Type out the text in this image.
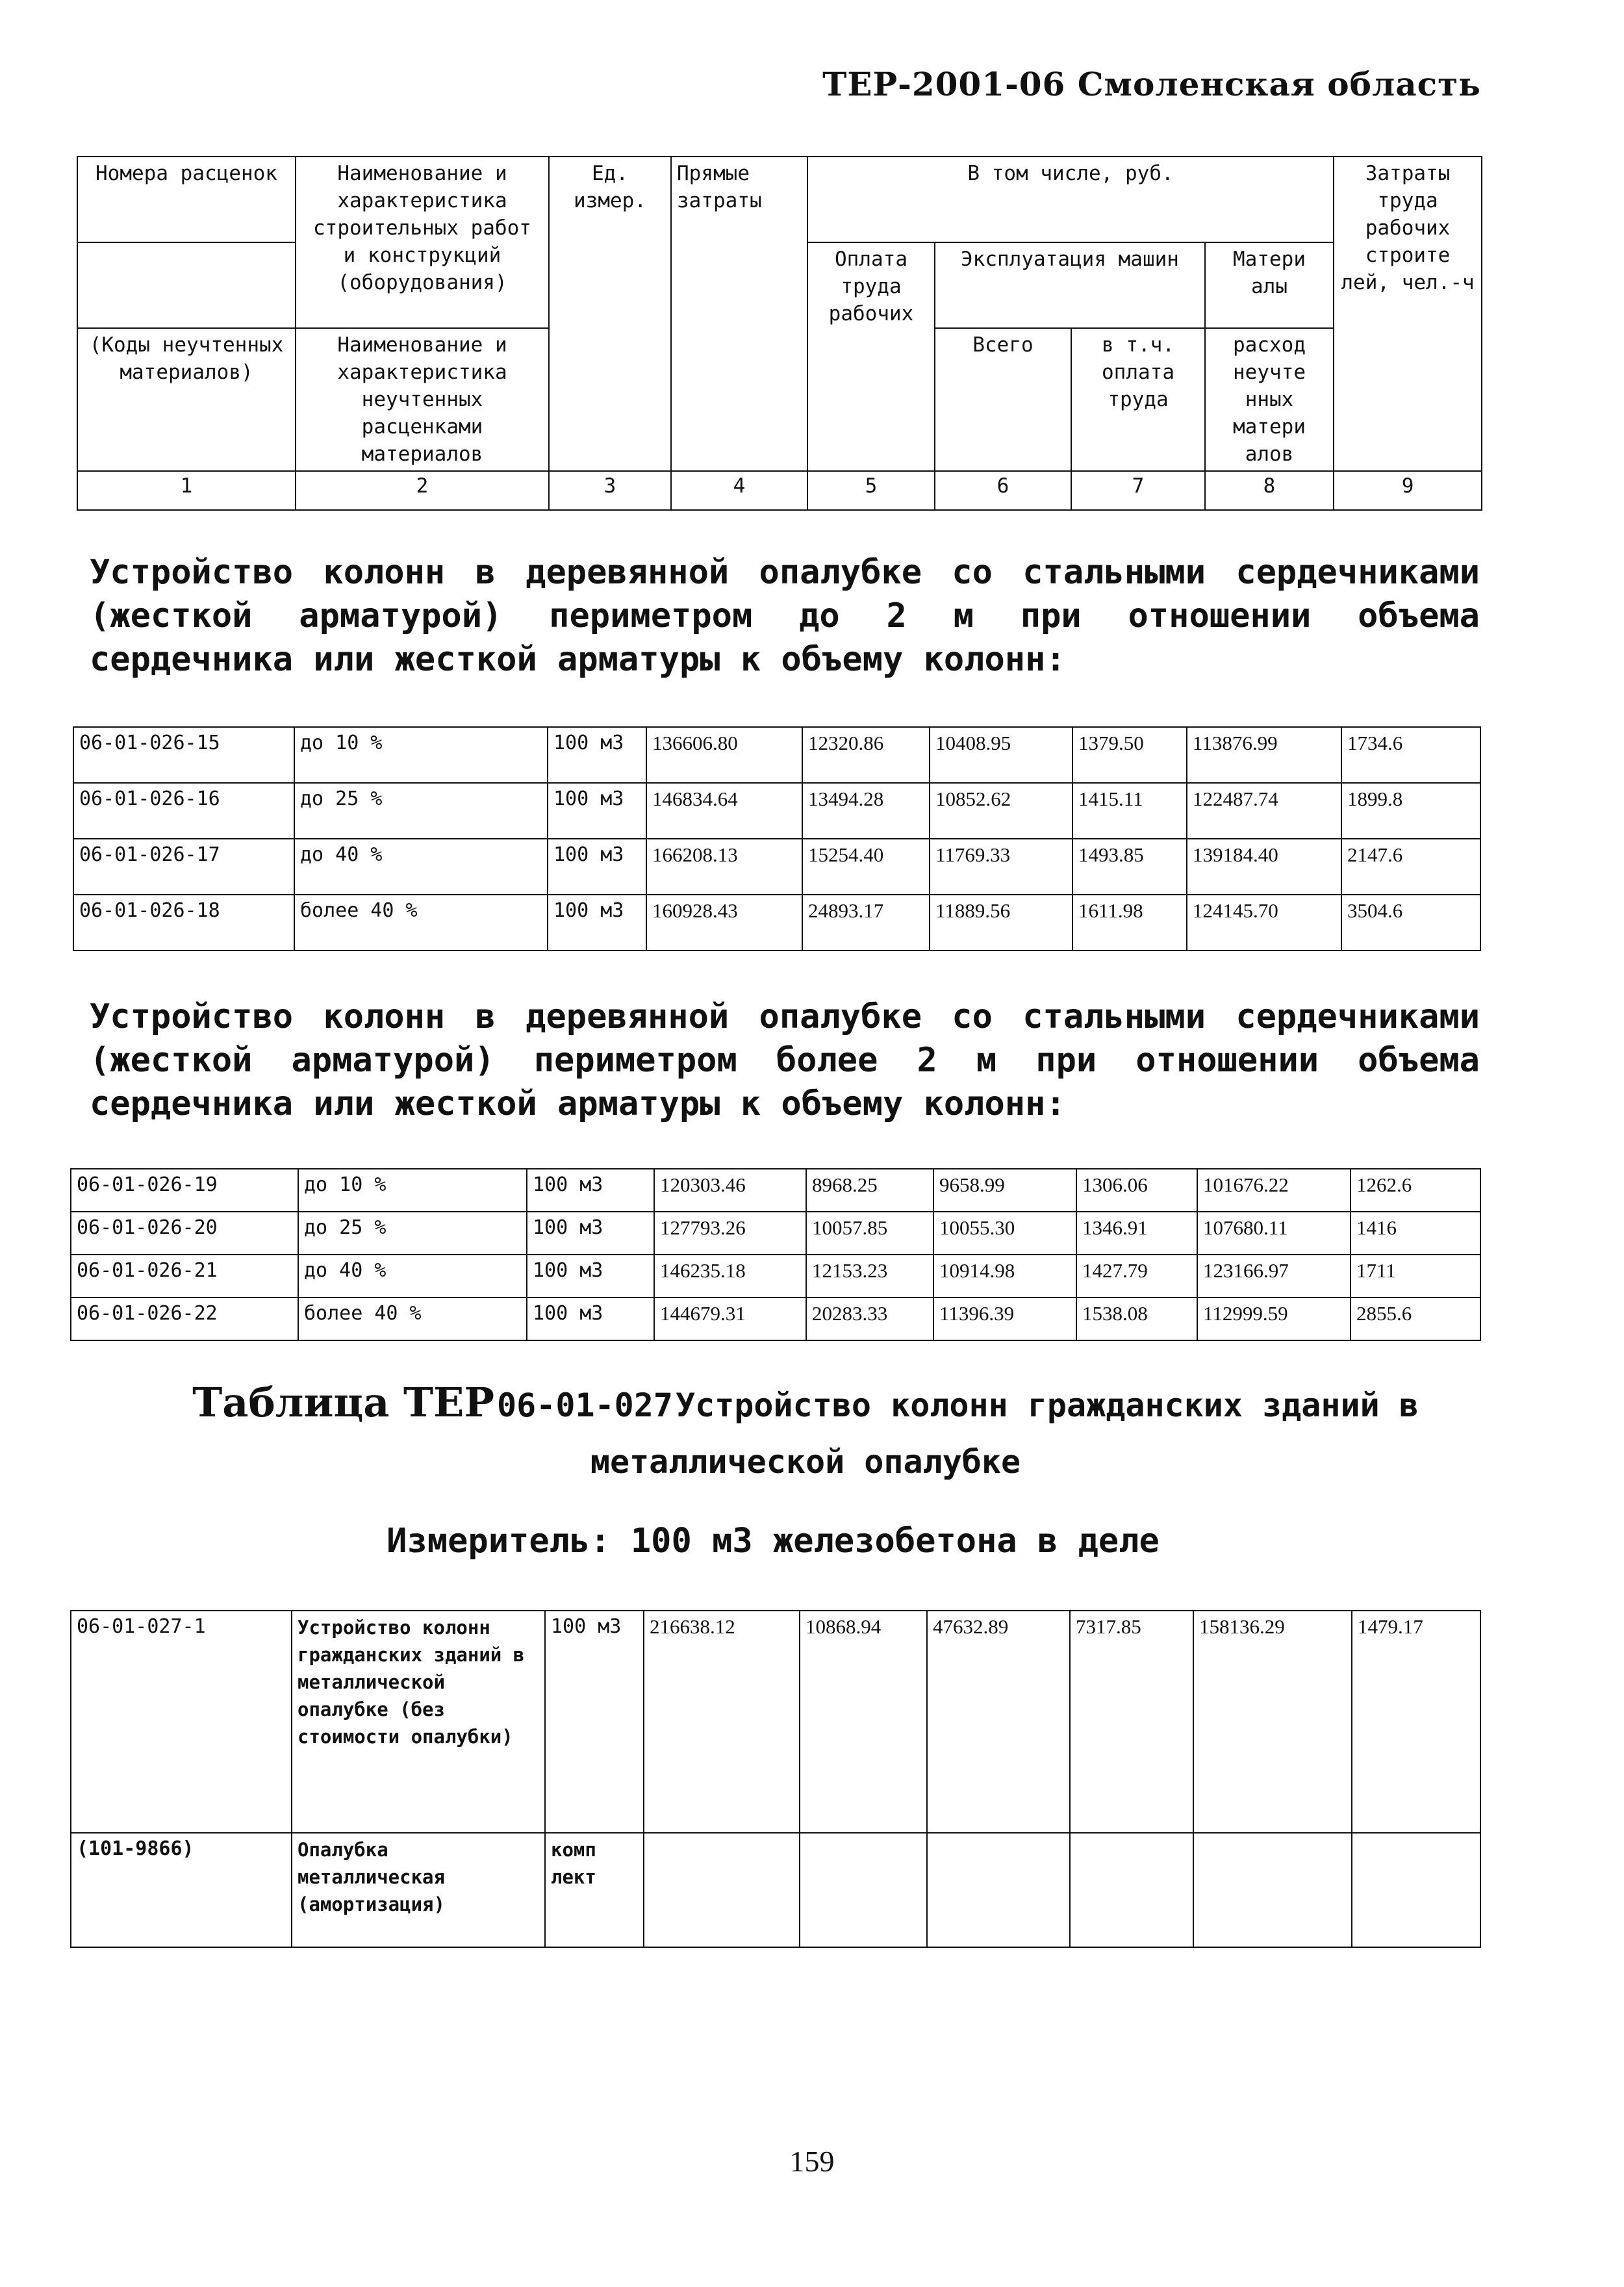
ТЕР-2001-06 Смоленская область
Номера расценок	Наименование и характеристика строительных работ и конструкций (оборудования)	Ед. измер.	Прямые затраты	В том числе, руб.				Затраты труда рабочих строите лей, чел.-ч
				Оплата труда рабочих	Эксплуатация машин		Матери алы	
(Коды неучтенных материалов)	Наименование и характеристика неучтенных расценками материалов				Всего	в т.ч. оплата труда	расход неучте нных матери алов	
1	2	3	4	5	6	7	8	9
Устройство колонн в деревянной опалубке со стальными сердечниками (жесткой арматурой) периметром до 2 м при отношении объема сердечника или жесткой арматуры к объему колонн:
06-01-026-15	до 10 %	100 м3	136606.80	12320.86	10408.95	1379.50	113876.99	1734.6
06-01-026-16	до 25 %	100 м3	146834.64	13494.28	10852.62	1415.11	122487.74	1899.8
06-01-026-17	до 40 %	100 м3	166208.13	15254.40	11769.33	1493.85	139184.40	2147.6
06-01-026-18	более 40 %	100 м3	160928.43	24893.17	11889.56	1611.98	124145.70	3504.6
Устройство колонн в деревянной опалубке со стальными сердечниками (жесткой арматурой) периметром более 2 м при отношении объема сердечника или жесткой арматуры к объему колонн:
06-01-026-19	до 10 %	100 м3	120303.46	8968.25	9658.99	1306.06	101676.22	1262.6
06-01-026-20	до 25 %	100 м3	127793.26	10057.85	10055.30	1346.91	107680.11	1416
06-01-026-21	до 40 %	100 м3	146235.18	12153.23	10914.98	1427.79	123166.97	1711
06-01-026-22	более 40 %	100 м3	144679.31	20283.33	11396.39	1538.08	112999.59	2855.6
Таблица ТЕР 06-01-027 Устройство колонн гражданских зданий в металлической опалубке
Измеритель: 100 м3 железобетона в деле
06-01-027-1	Устройство колонн гражданских зданий в металлической опалубке (без стоимости опалубки)	100 м3	216638.12	10868.94	47632.89	7317.85	158136.29	1479.17
(101-9866)	Опалубка металлическая (амортизация)	комп лект						
159
